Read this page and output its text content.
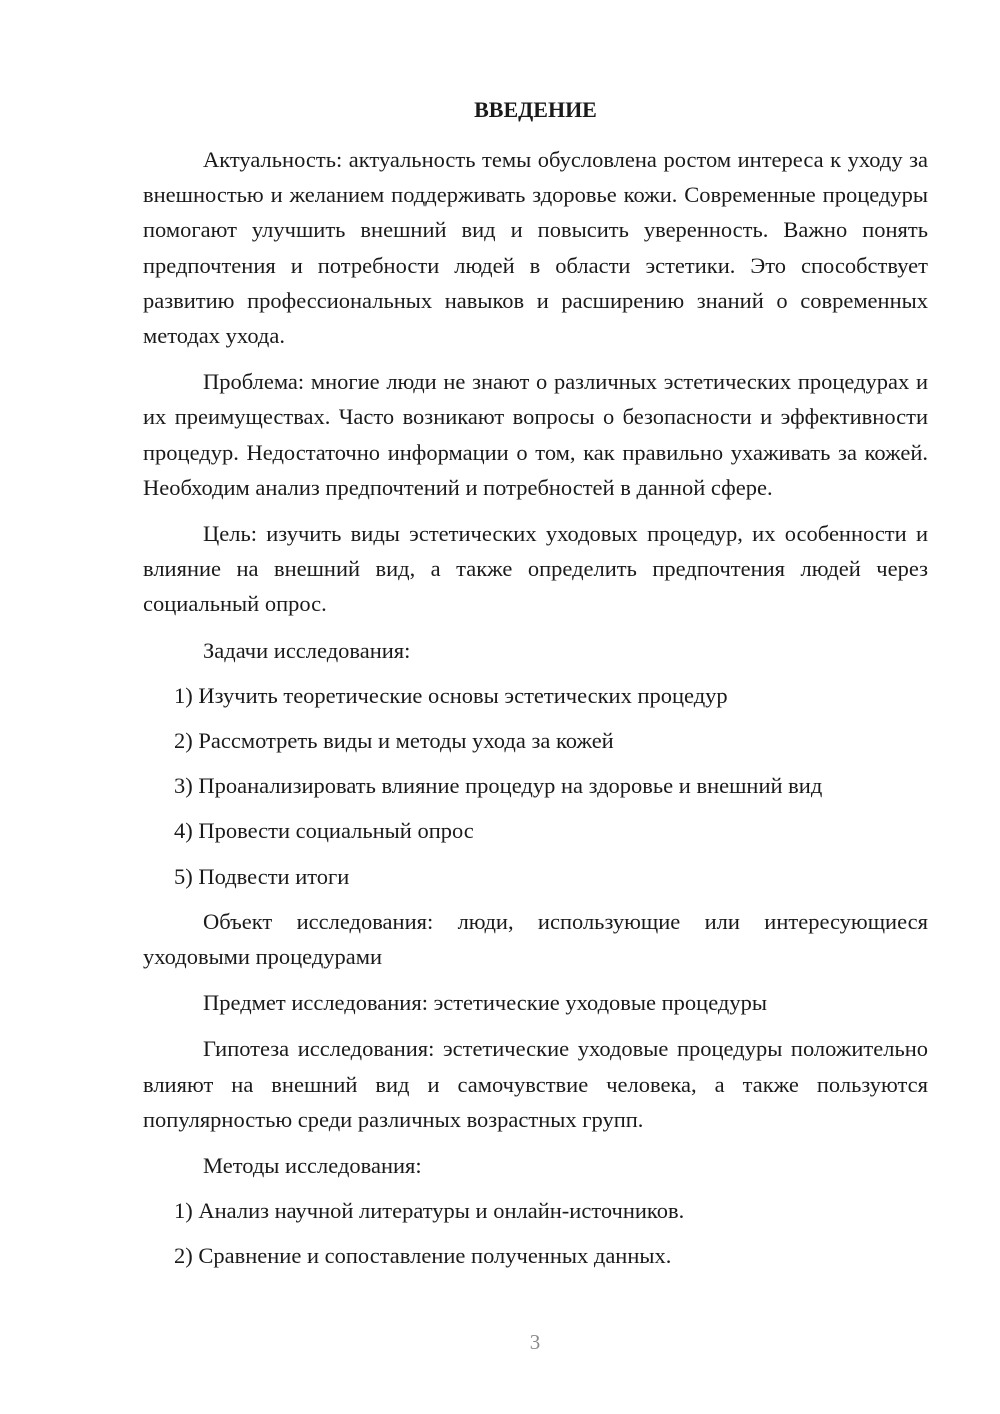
ВВЕДЕНИЕ

Актуальность: актуальность темы обусловлена ростом интереса к уходу за внешностью и желанием поддерживать здоровье кожи. Современные процедуры помогают улучшить внешний вид и повысить уверенность. Важно понять предпочтения и потребности людей в области эстетики. Это способствует развитию профессиональных навыков и расширению знаний о современных методах ухода.

Проблема: многие люди не знают о различных эстетических процедурах и их преимуществах. Часто возникают вопросы о безопасности и эффективности процедур. Недостаточно информации о том, как правильно ухаживать за кожей. Необходим анализ предпочтений и потребностей в данной сфере.

Цель: изучить виды эстетических уходовых процедур, их особенности и влияние на внешний вид, а также определить предпочтения людей через социальный опрос.

Задачи исследования:

1) Изучить теоретические основы эстетических процедур
2) Рассмотреть виды и методы ухода за кожей
3) Проанализировать влияние процедур на здоровье и внешний вид
4) Провести социальный опрос
5) Подвести итоги

Объект исследования: люди, использующие или интересующиеся уходовыми процедурами

Предмет исследования: эстетические уходовые процедуры

Гипотеза исследования: эстетические уходовые процедуры положительно влияют на внешний вид и самочувствие человека, а также пользуются популярностью среди различных возрастных групп.

Методы исследования:

1) Анализ научной литературы и онлайн-источников.
2) Сравнение и сопоставление полученных данных.
3
